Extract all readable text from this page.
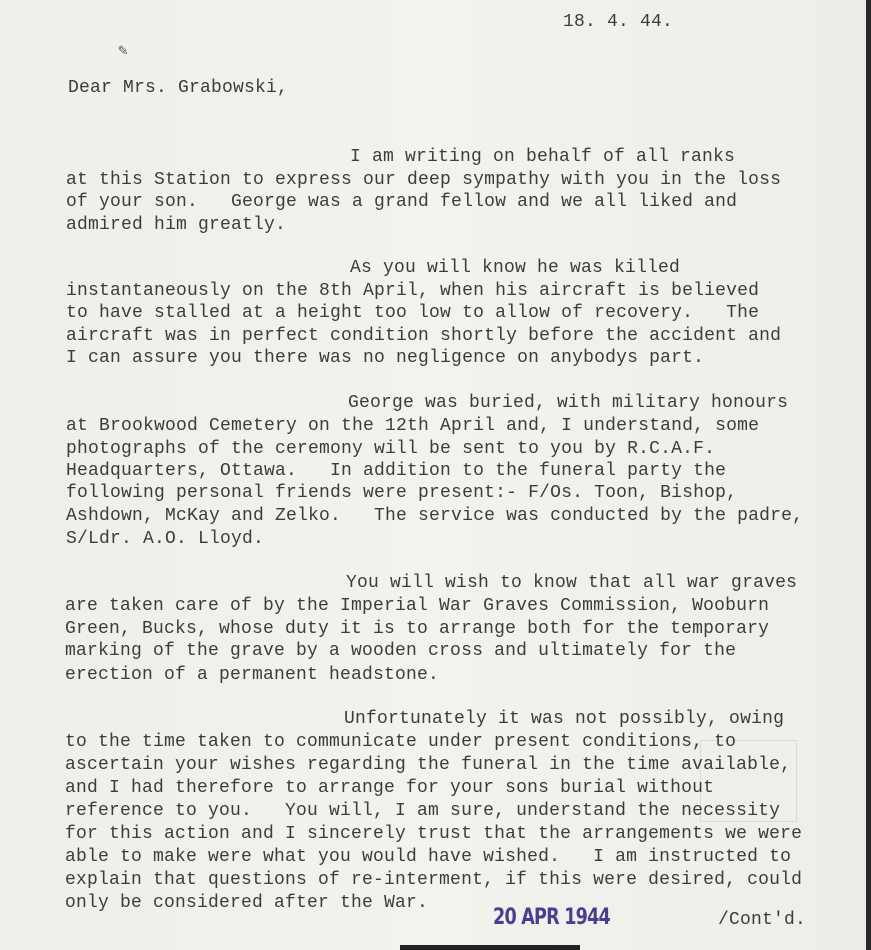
✎
18. 4. 44.
Dear Mrs. Grabowski,
I am writing on behalf of all ranks
at this Station to express our deep sympathy with you in the loss
of your son.   George was a grand fellow and we all liked and
admired him greatly.
As you will know he was killed
instantaneously on the 8th April, when his aircraft is believed
to have stalled at a height too low to allow of recovery.   The
aircraft was in perfect condition shortly before the accident and
I can assure you there was no negligence on anybodys part.
George was buried, with military honours
at Brookwood Cemetery on the 12th April and, I understand, some
photographs of the ceremony will be sent to you by R.C.A.F.
Headquarters, Ottawa.   In addition to the funeral party the
following personal friends were present:- F/Os. Toon, Bishop,
Ashdown, McKay and Zelko.   The service was conducted by the padre,
S/Ldr. A.O. Lloyd.
You will wish to know that all war graves
are taken care of by the Imperial War Graves Commission, Wooburn
Green, Bucks, whose duty it is to arrange both for the temporary
marking of the grave by a wooden cross and ultimately for the
erection of a permanent headstone.
Unfortunately it was not possibly, owing
to the time taken to communicate under present conditions, to
ascertain your wishes regarding the funeral in the time available,
and I had therefore to arrange for your sons burial without
reference to you.   You will, I am sure, understand the necessity
for this action and I sincerely trust that the arrangements we were
able to make were what you would have wished.   I am instructed to
explain that questions of re-interment, if this were desired, could
only be considered after the War.
20 APR 1944	/Cont'd.
